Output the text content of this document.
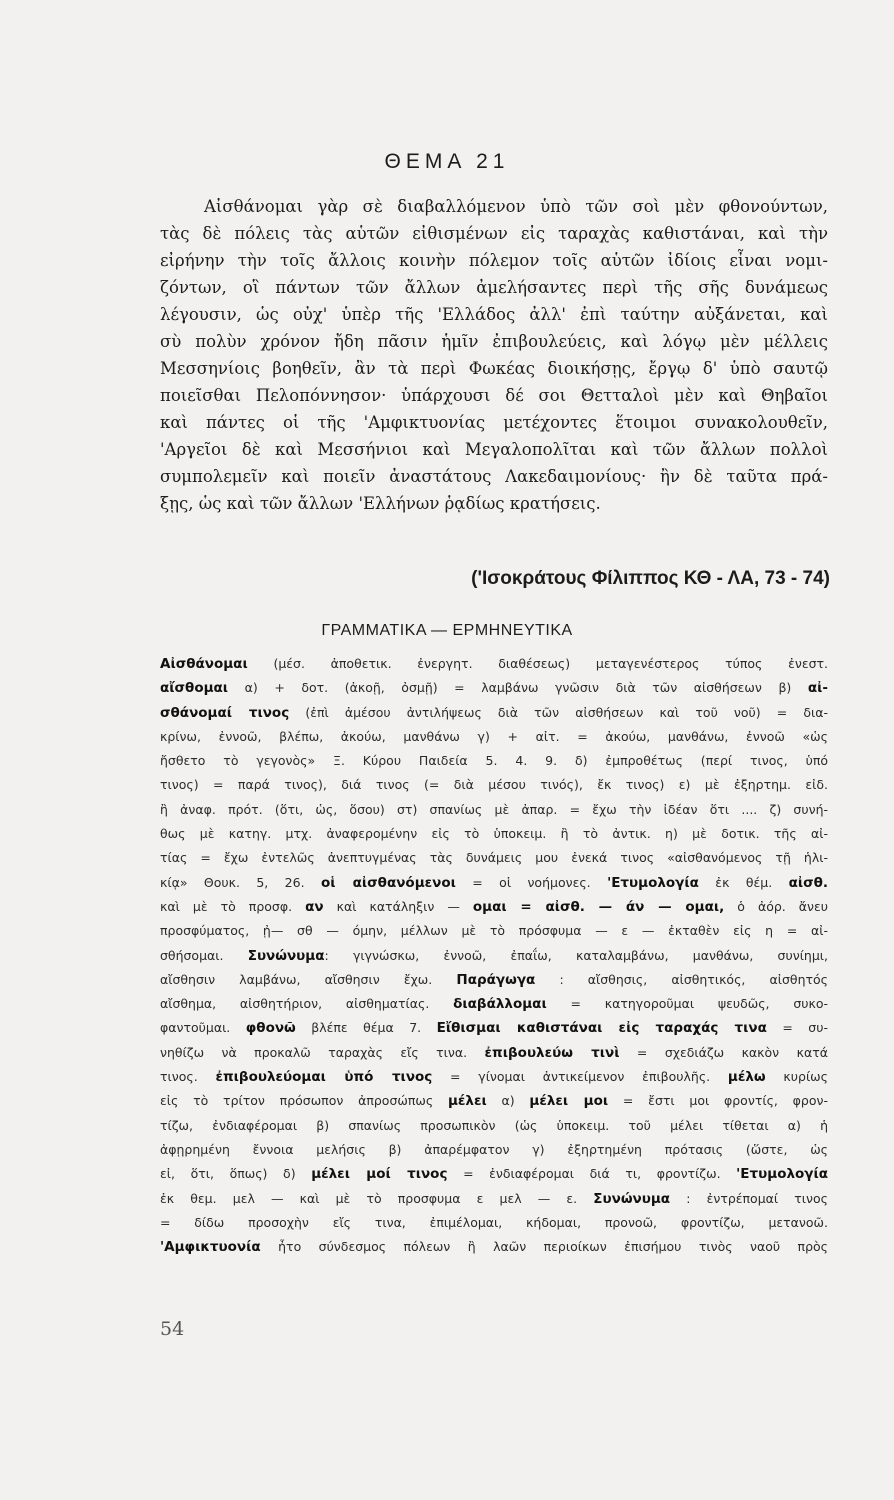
ΘΕΜΑ 21
Αἰσθάνομαι γὰρ σὲ διαβαλλόμενον ὑπὸ τῶν σοὶ μὲν φθονούντων,
τὰς δὲ πόλεις τὰς αὑτῶν εἰθισμένων εἰς ταραχὰς καθιστάναι, καὶ τὴν
εἰρήνην τὴν τοῖς ἄλλοις κοινὴν πόλεμον τοῖς αὑτῶν ἰδίοις εἶναι νομι-
ζόντων, οἳ πάντων τῶν ἄλλων ἀμελήσαντες περὶ τῆς σῆς δυνάμεως
λέγουσιν, ὡς οὐχ' ὑπὲρ τῆς 'Ελλάδος ἀλλ' ἐπὶ ταύτην αὐξάνεται, καὶ
σὺ πολὺν χρόνον ἤδη πᾶσιν ἡμῖν ἐπιβουλεύεις, καὶ λόγῳ μὲν μέλλεις
Μεσσηνίοις βοηθεῖν, ἂν τὰ περὶ Φωκέας διοικήσῃς, ἔργῳ δ' ὑπὸ σαυτῷ
ποιεῖσθαι Πελοπόννησον· ὑπάρχουσι δέ σοι Θετταλοὶ μὲν καὶ Θηβαῖοι
καὶ πάντες οἱ τῆς 'Αμφικτυονίας μετέχοντες ἕτοιμοι συνακολουθεῖν,
'Αργεῖοι δὲ καὶ Μεσσήνιοι καὶ Μεγαλοπολῖται καὶ τῶν ἄλλων πολλοὶ
συμπολεμεῖν καὶ ποιεῖν ἀναστάτους Λακεδαιμονίους· ἢν δὲ ταῦτα πρά-
ξῃς, ὡς καὶ τῶν ἄλλων 'Ελλήνων ῥᾳδίως κρατήσεις.
('Ισοκράτους Φίλιππος ΚΘ - ΛΑ, 73 - 74)
ΓΡΑΜΜΑΤΙΚΑ — ΕΡΜΗΝΕΥΤΙΚΑ
Αἰσθάνομαι (μέσ. ἀποθετικ. ἐνεργητ. διαθέσεως) μεταγενέστερος τύπος ἐνεστ.
αἴσθομαι α) + δοτ. (ἀκοῇ, ὀσμῇ) = λαμβάνω γνῶσιν διὰ τῶν αἰσθήσεων β) αἰ-
σθάνομαί τινος (ἐπὶ ἀμέσου ἀντιλήψεως διὰ τῶν αἰσθήσεων καὶ τοῦ νοῦ) = δια-
κρίνω, ἐννοῶ, βλέπω, ἀκούω, μανθάνω γ) + αἰτ. = ἀκούω, μανθάνω, ἐννοῶ «ὡς
ἤσθετο τὸ γεγονὸς» Ξ. Κύρου Παιδεία 5. 4. 9. δ) ἐμπροθέτως (περί τινος, ὑπό
τινος) = παρά τινος), διά τινος (= διὰ μέσου τινός), ἔκ τινος) ε) μὲ ἐξηρτημ. εἰδ.
ἢ ἀναφ. πρότ. (ὅτι, ὡς, ὅσου) στ) σπανίως μὲ ἀπαρ. = ἔχω τὴν ἰδέαν ὅτι .... ζ) συνή-
θως μὲ κατηγ. μτχ. ἀναφερομένην εἰς τὸ ὑποκειμ. ἢ τὸ ἀντικ. η) μὲ δοτικ. τῆς αἰ-
τίας = ἔχω ἐντελῶς ἀνεπτυγμένας τὰς δυνάμεις μου ἐνεκά τινος «αἰσθανόμενος τῇ ἡλι-
κίᾳ» Θουκ. 5, 26. οἱ αἰσθανόμενοι = οἱ νοήμονες. 'Ετυμολογία ἐκ θέμ. αἰσθ.
καὶ μὲ τὸ προσφ. αν καὶ κατάληξιν — ομαι = αἰσθ. — άν — ομαι, ὁ ἀόρ. ἄνευ
προσφύματος, ᾐ— σθ — όμην, μέλλων μὲ τὸ πρόσφυμα — ε — ἐκταθὲν εἰς η = αἰ-
σθήσομαι. Συνώνυμα: γιγνώσκω, ἐννοῶ, ἐπαΐω, καταλαμβάνω, μανθάνω, συνίημι,
αἴσθησιν λαμβάνω, αἴσθησιν ἔχω. Παράγωγα : αἴσθησις, αἰσθητικός, αἰσθητός
αἴσθημα, αἰσθητήριον, αἰσθηματίας. διαβάλλομαι = κατηγοροῦμαι ψευδῶς, συκο-
φαντοῦμαι. φθονῶ βλέπε θέμα 7. Εἴθισμαι καθιστάναι εἰς ταραχάς τινα = συ-
νηθίζω νὰ προκαλῶ ταραχὰς εἴς τινα. ἐπιβουλεύω τινὶ = σχεδιάζω κακὸν κατά
τινος. ἐπιβουλεύομαι ὑπό τινος = γίνομαι ἀντικείμενον ἐπιβουλῆς. μέλω κυρίως
εἰς τὸ τρίτον πρόσωπον ἀπροσώπως μέλει α) μέλει μοι = ἔστι μοι φροντίς, φρον-
τίζω, ἐνδιαφέρομαι β) σπανίως προσωπικὸν (ὡς ὑποκειμ. τοῦ μέλει τίθεται α) ἡ
ἀφῃρημένη ἔννοια μελήσις β) ἀπαρέμφατον γ) ἐξηρτημένη πρότασις (ὥστε, ὡς
εἰ, ὅτι, ὅπως) δ) μέλει μοί τινος = ἐνδιαφέρομαι διά τι, φροντίζω. 'Ετυμολογία
ἐκ θεμ. μελ — καὶ μὲ τὸ προσφυμα ε μελ — ε. Συνώνυμα : ἐντρέπομαί τινος
= δίδω προσοχὴν εἴς τινα, ἐπιμέλομαι, κήδομαι, προνοῶ, φροντίζω, μετανοῶ.
'Αμφικτυονία ἦτο σύνδεσμος πόλεων ἢ λαῶν περιοίκων ἐπισήμου τινὸς ναοῦ πρὸς
54
